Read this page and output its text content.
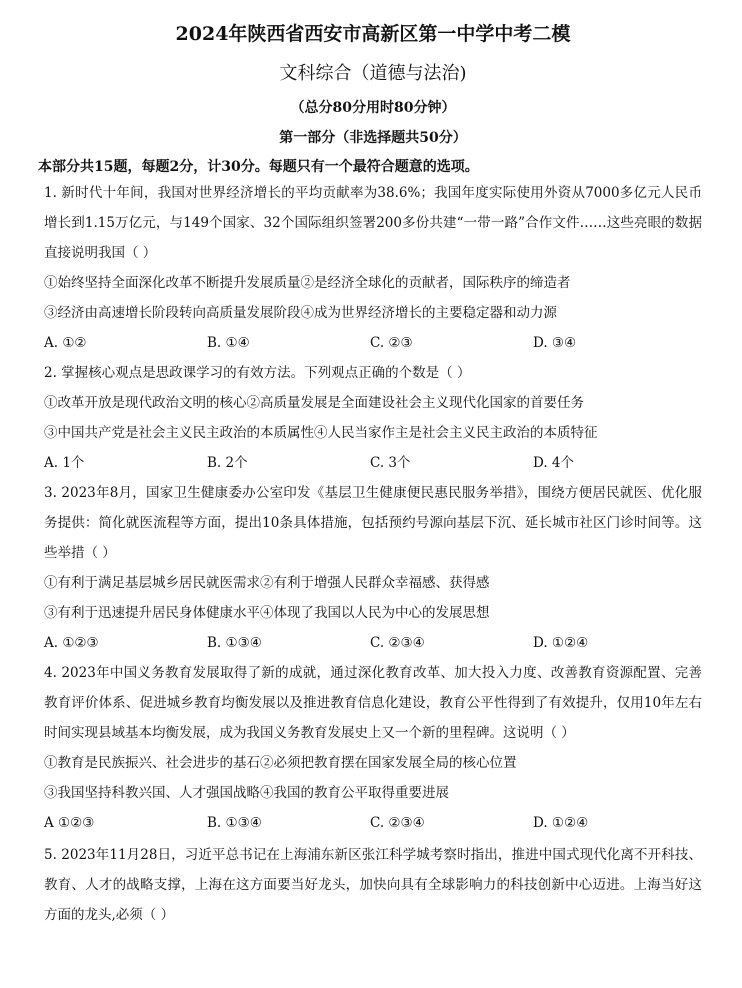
2024年陕西省西安市高新区第一中学中考二模
文科综合（道德与法治)
（总分80分用时80分钟）
第一部分（非选择题共50分）
本部分共15题，每题2分，计30分。每题只有一个最符合题意的选项。

1. 新时代十年间，我国对世界经济增长的平均贡献率为38.6%；我国年度实际使用外资从7000多亿元人民币增长到1.15万亿元，与149个国家、32个国际组织签署200多份共建“一带一路”合作文件……这些亮眼的数据直接说明我国（ ）

①始终坚持全面深化改革不断提升发展质量②是经济全球化的贡献者，国际秩序的缔造者
③经济由高速增长阶段转向高质量发展阶段④成为世界经济增长的主要稳定器和动力源
A. ①②	B. ①④	C. ②③	D. ③④

2. 掌握核心观点是思政课学习的有效方法。下列观点正确的个数是（ ）

①改革开放是现代政治文明的核心②高质量发展是全面建设社会主义现代化国家的首要任务
③中国共产党是社会主义民主政治的本质属性④人民当家作主是社会主义民主政治的本质特征
A. 1个	B. 2个	C. 3个	D. 4个

3. 2023年8月，国家卫生健康委办公室印发《基层卫生健康便民惠民服务举措》，围绕方便居民就医、优化服务提供：简化就医流程等方面，提出10条具体措施，包括预约号源向基层下沉、延长城市社区门诊时间等。这些举措（ ）

①有利于满足基层城乡居民就医需求②有利于增强人民群众幸福感、获得感
③有利于迅速提升居民身体健康水平④体现了我国以人民为中心的发展思想
A. ①②③	B. ①③④	C. ②③④	D. ①②④

4. 2023年中国义务教育发展取得了新的成就，通过深化教育改革、加大投入力度、改善教育资源配置、完善教育评价体系、促进城乡教育均衡发展以及推进教育信息化建设，教育公平性得到了有效提升，仅用10年左右时间实现县域基本均衡发展，成为我国义务教育发展史上又一个新的里程碑。这说明（ ）

①教育是民族振兴、社会进步的基石②必须把教育摆在国家发展全局的核心位置
③我国坚持科教兴国、人才强国战略④我国的教育公平取得重要进展
A ①②③	B. ①③④	C. ②③④	D. ①②④

5. 2023年11月28日，习近平总书记在上海浦东新区张江科学城考察时指出，推进中国式现代化离不开科技、教育、人才的战略支撑，上海在这方面要当好龙头，加快向具有全球影响力的科技创新中心迈进。上海当好这方面的龙头,必须（ ）
